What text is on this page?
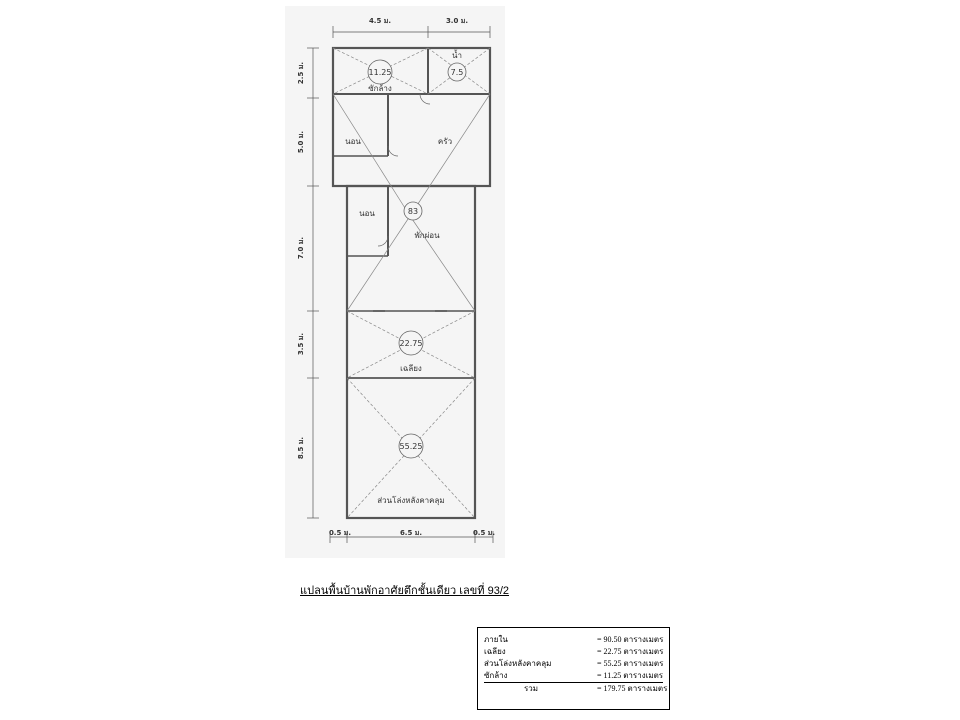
4.5 ม.	3.0 ม.
2.5 ม.
5.0 ม.
7.0 ม.
3.5 ม.
8.5 ม.
0.5 ม.	6.5 ม.	0.5 ม.
11.25
ซักล้าง
น้ำ
7.5
นอน	ครัว
นอน	83
พักผ่อน
22.75
เฉลียง
55.25
ส่วนโล่งหลังคาคลุม
แปลนพื้นบ้านพักอาศัยตึกชั้นเดียว เลขที่ 93/2
ภายใน	= 90.50 ตารางเมตร
เฉลียง	= 22.75 ตารางเมตร
ส่วนโล่งหลังคาคลุม	= 55.25 ตารางเมตร
ซักล้าง	= 11.25 ตารางเมตร
รวม	= 179.75 ตารางเมตร
